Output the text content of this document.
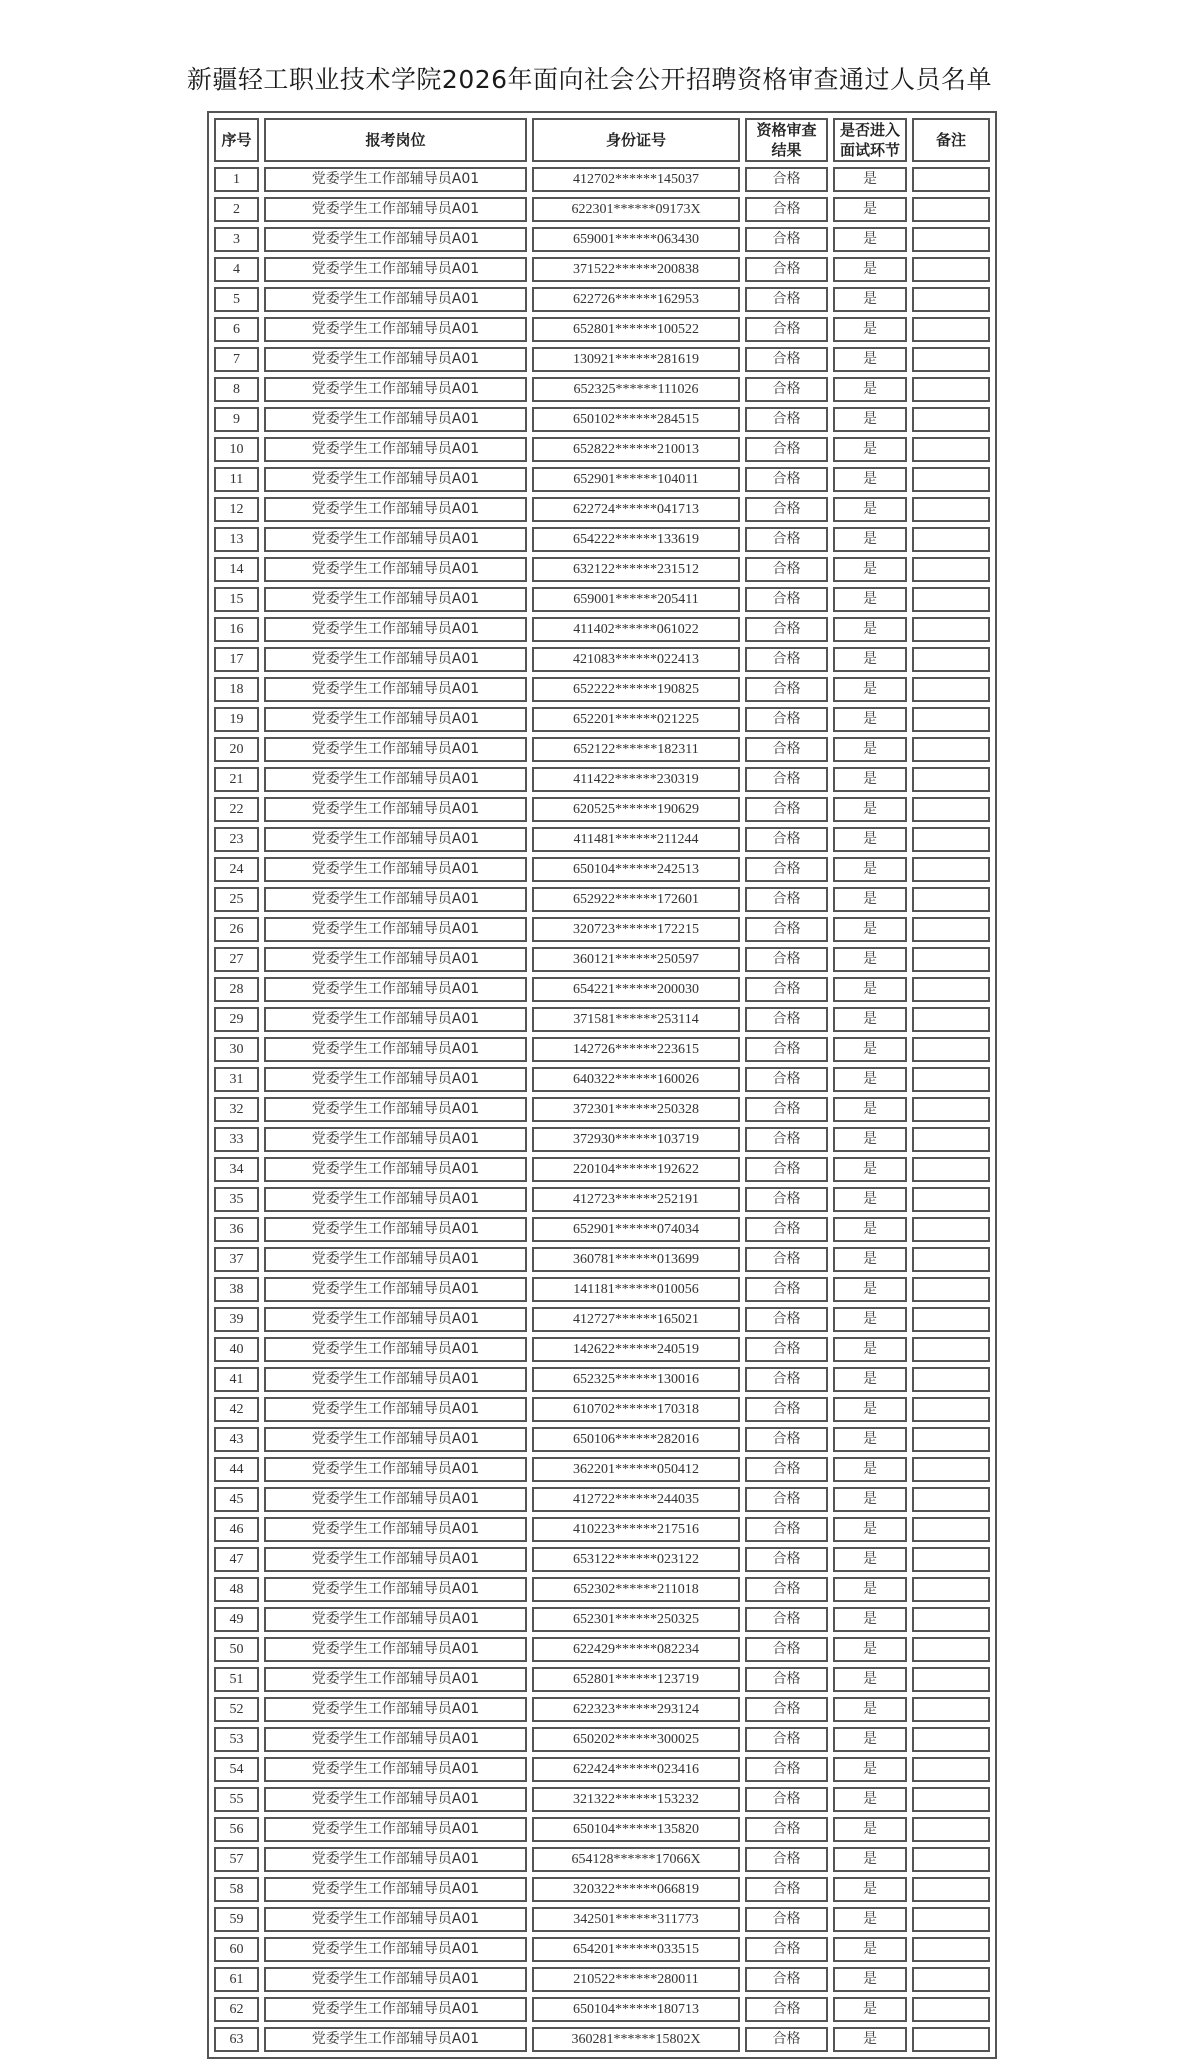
新疆轻工职业技术学院2026年面向社会公开招聘资格审查通过人员名单
序号	报考岗位	身份证号	资格审查结果	是否进入面试环节	备注
1	党委学生工作部辅导员A01	412702******145037	合格	是	
2	党委学生工作部辅导员A01	622301******09173X	合格	是	
3	党委学生工作部辅导员A01	659001******063430	合格	是	
4	党委学生工作部辅导员A01	371522******200838	合格	是	
5	党委学生工作部辅导员A01	622726******162953	合格	是	
6	党委学生工作部辅导员A01	652801******100522	合格	是	
7	党委学生工作部辅导员A01	130921******281619	合格	是	
8	党委学生工作部辅导员A01	652325******111026	合格	是	
9	党委学生工作部辅导员A01	650102******284515	合格	是	
10	党委学生工作部辅导员A01	652822******210013	合格	是	
11	党委学生工作部辅导员A01	652901******104011	合格	是	
12	党委学生工作部辅导员A01	622724******041713	合格	是	
13	党委学生工作部辅导员A01	654222******133619	合格	是	
14	党委学生工作部辅导员A01	632122******231512	合格	是	
15	党委学生工作部辅导员A01	659001******205411	合格	是	
16	党委学生工作部辅导员A01	411402******061022	合格	是	
17	党委学生工作部辅导员A01	421083******022413	合格	是	
18	党委学生工作部辅导员A01	652222******190825	合格	是	
19	党委学生工作部辅导员A01	652201******021225	合格	是	
20	党委学生工作部辅导员A01	652122******182311	合格	是	
21	党委学生工作部辅导员A01	411422******230319	合格	是	
22	党委学生工作部辅导员A01	620525******190629	合格	是	
23	党委学生工作部辅导员A01	411481******211244	合格	是	
24	党委学生工作部辅导员A01	650104******242513	合格	是	
25	党委学生工作部辅导员A01	652922******172601	合格	是	
26	党委学生工作部辅导员A01	320723******172215	合格	是	
27	党委学生工作部辅导员A01	360121******250597	合格	是	
28	党委学生工作部辅导员A01	654221******200030	合格	是	
29	党委学生工作部辅导员A01	371581******253114	合格	是	
30	党委学生工作部辅导员A01	142726******223615	合格	是	
31	党委学生工作部辅导员A01	640322******160026	合格	是	
32	党委学生工作部辅导员A01	372301******250328	合格	是	
33	党委学生工作部辅导员A01	372930******103719	合格	是	
34	党委学生工作部辅导员A01	220104******192622	合格	是	
35	党委学生工作部辅导员A01	412723******252191	合格	是	
36	党委学生工作部辅导员A01	652901******074034	合格	是	
37	党委学生工作部辅导员A01	360781******013699	合格	是	
38	党委学生工作部辅导员A01	141181******010056	合格	是	
39	党委学生工作部辅导员A01	412727******165021	合格	是	
40	党委学生工作部辅导员A01	142622******240519	合格	是	
41	党委学生工作部辅导员A01	652325******130016	合格	是	
42	党委学生工作部辅导员A01	610702******170318	合格	是	
43	党委学生工作部辅导员A01	650106******282016	合格	是	
44	党委学生工作部辅导员A01	362201******050412	合格	是	
45	党委学生工作部辅导员A01	412722******244035	合格	是	
46	党委学生工作部辅导员A01	410223******217516	合格	是	
47	党委学生工作部辅导员A01	653122******023122	合格	是	
48	党委学生工作部辅导员A01	652302******211018	合格	是	
49	党委学生工作部辅导员A01	652301******250325	合格	是	
50	党委学生工作部辅导员A01	622429******082234	合格	是	
51	党委学生工作部辅导员A01	652801******123719	合格	是	
52	党委学生工作部辅导员A01	622323******293124	合格	是	
53	党委学生工作部辅导员A01	650202******300025	合格	是	
54	党委学生工作部辅导员A01	622424******023416	合格	是	
55	党委学生工作部辅导员A01	321322******153232	合格	是	
56	党委学生工作部辅导员A01	650104******135820	合格	是	
57	党委学生工作部辅导员A01	654128******17066X	合格	是	
58	党委学生工作部辅导员A01	320322******066819	合格	是	
59	党委学生工作部辅导员A01	342501******311773	合格	是	
60	党委学生工作部辅导员A01	654201******033515	合格	是	
61	党委学生工作部辅导员A01	210522******280011	合格	是	
62	党委学生工作部辅导员A01	650104******180713	合格	是	
63	党委学生工作部辅导员A01	360281******15802X	合格	是	
